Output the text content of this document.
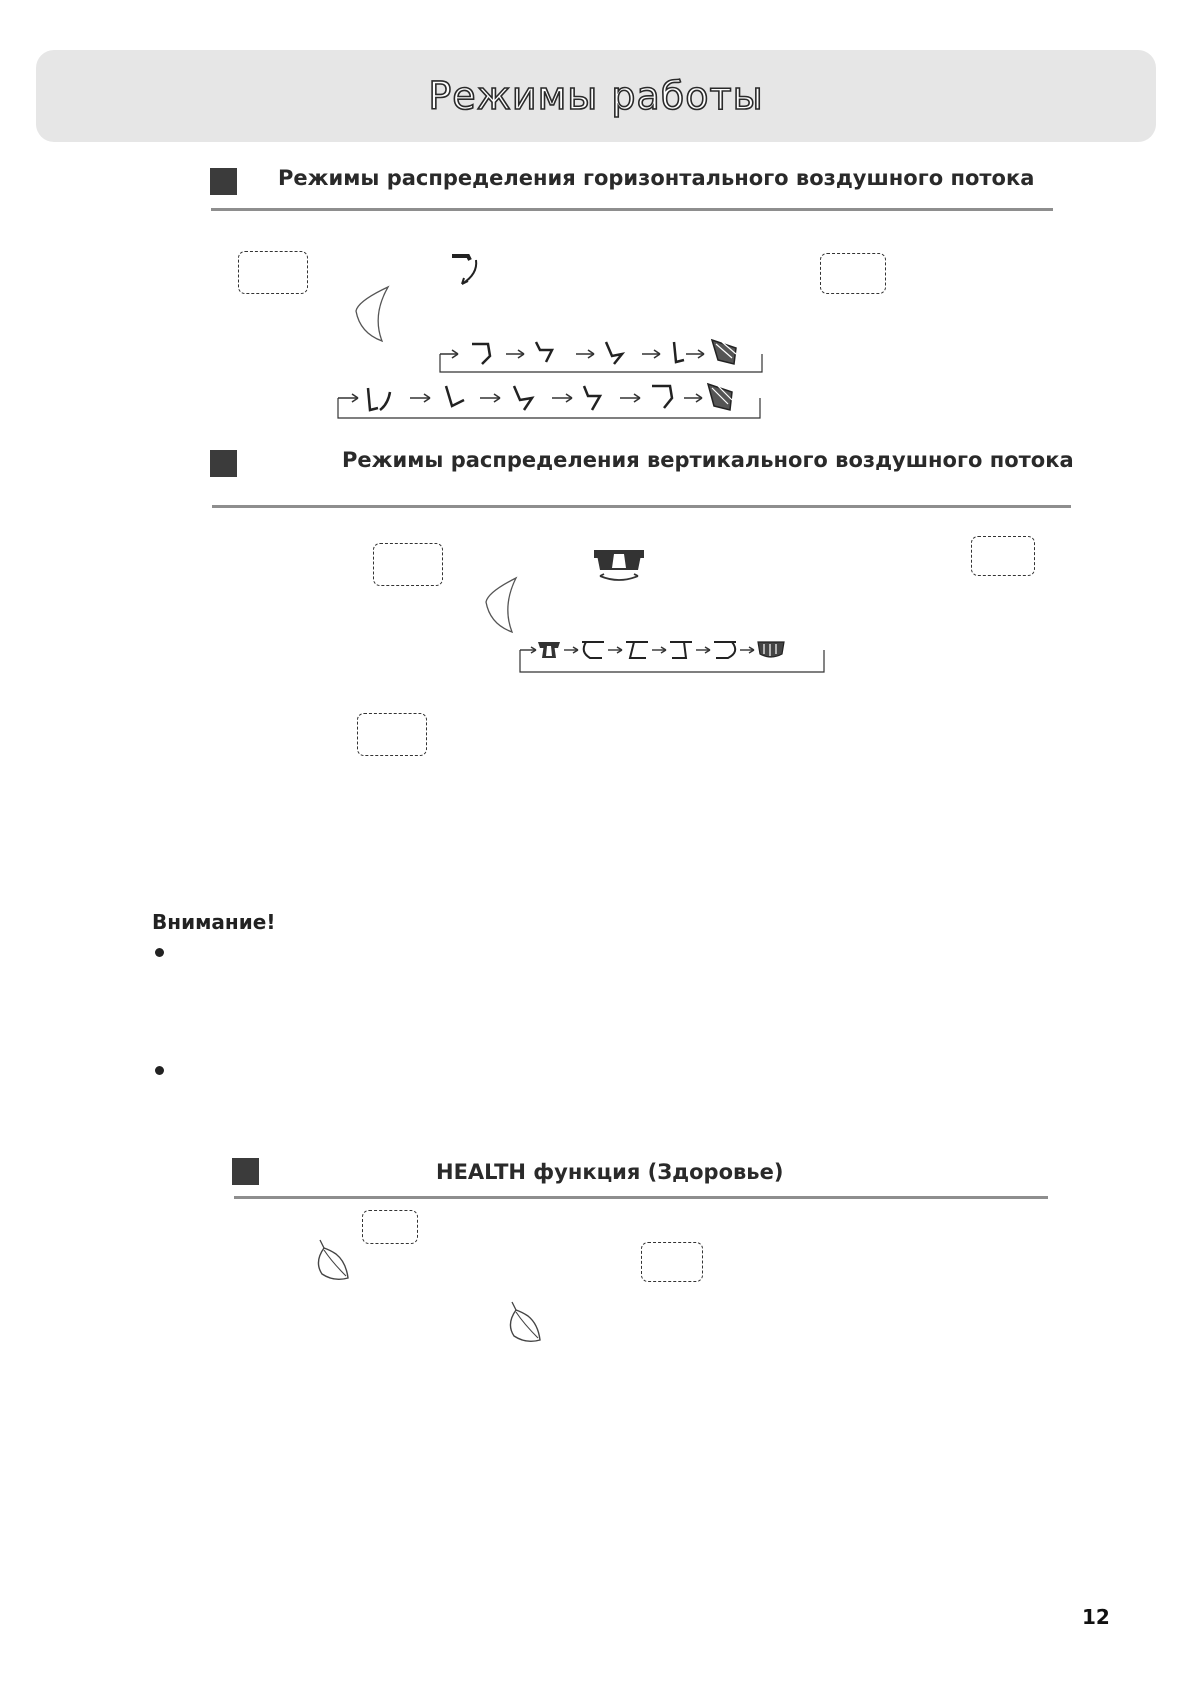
Режимы работы
Режимы распределения горизонтального воздушного потока
Режимы распределения вертикального воздушного потока
Внимание!
HEALTH функция (Здоровье)
12
